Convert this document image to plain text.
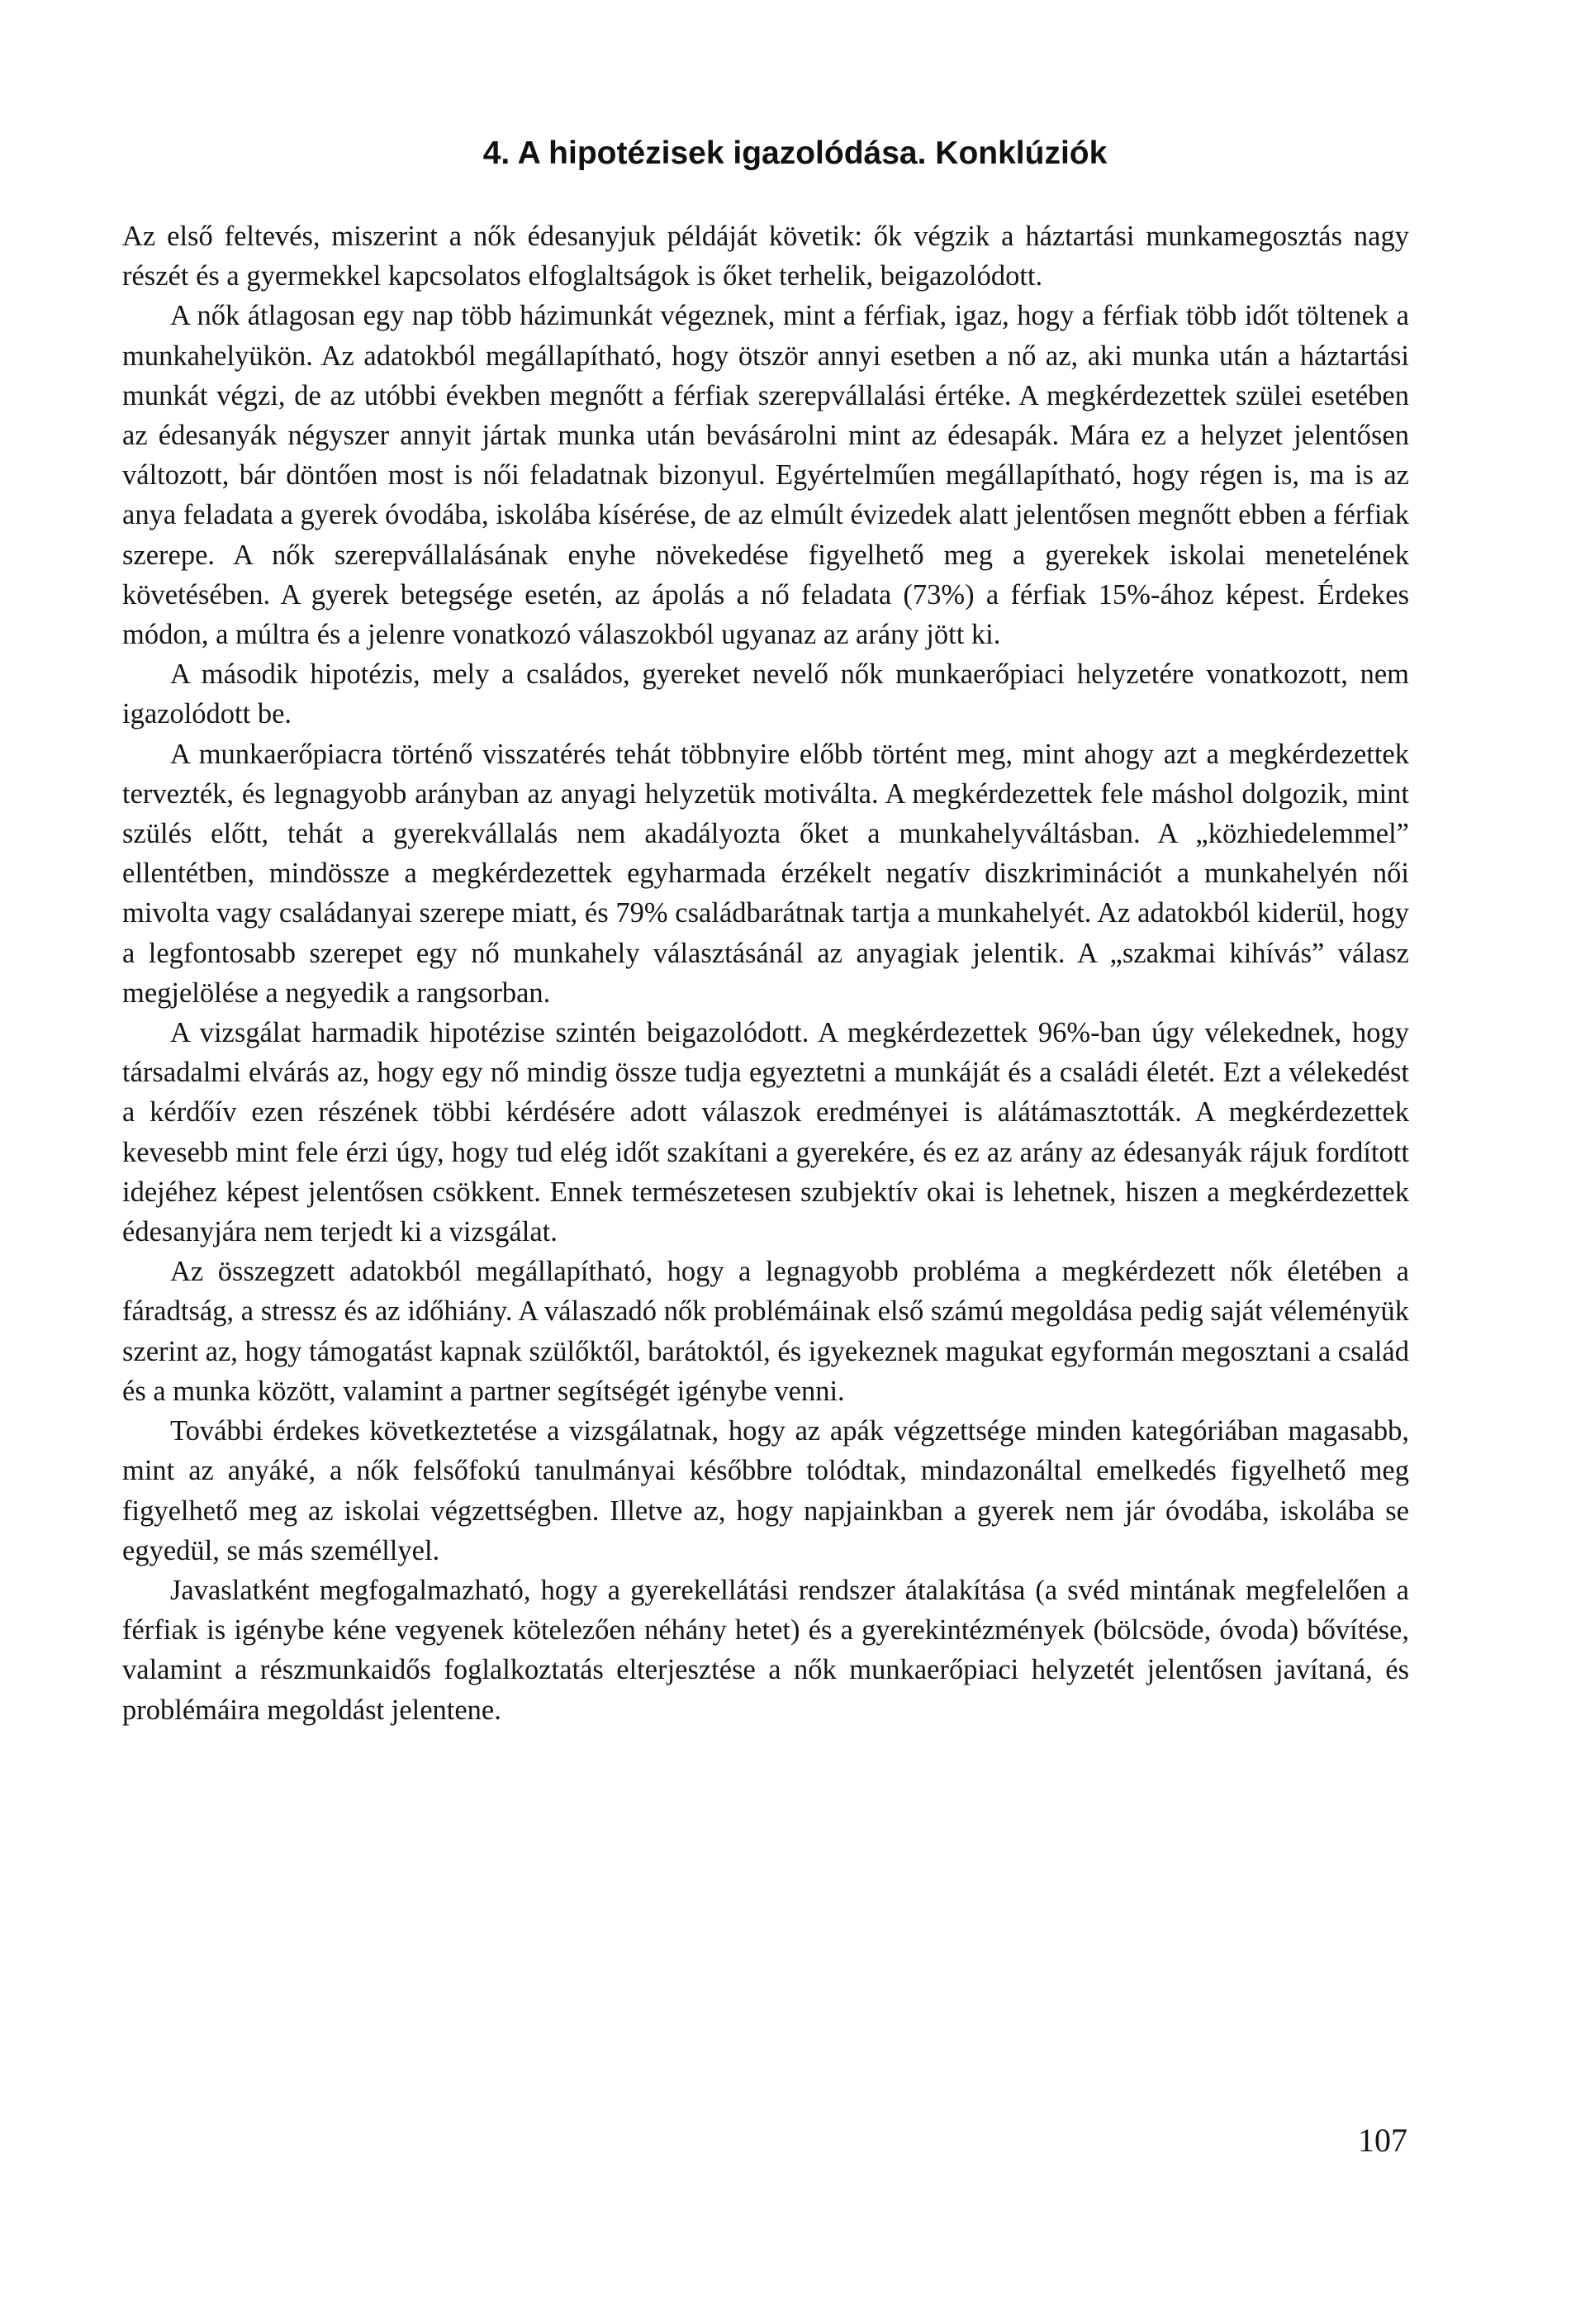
4. A hipotézisek igazolódása. Konklúziók

Az első feltevés, miszerint a nők édesanyjuk példáját követik: ők végzik a háztartási munkamegosztás nagy részét és a gyermekkel kapcsolatos elfoglaltságok is őket terhelik, beigazolódott.

A nők átlagosan egy nap több házimunkát végeznek, mint a férfiak, igaz, hogy a férfiak több időt töltenek a munkahelyükön. Az adatokból megállapítható, hogy ötször annyi esetben a nő az, aki munka után a háztartási munkát végzi, de az utóbbi években megnőtt a férfiak szerepvállalási értéke. A megkérdezettek szülei esetében az édesanyák négyszer annyit jártak munka után bevásárolni mint az édesapák. Mára ez a helyzet jelentősen változott, bár döntően most is női feladatnak bizonyul. Egyértelműen megállapítható, hogy régen is, ma is az anya feladata a gyerek óvodába, iskolába kísérése, de az elmúlt évizedek alatt jelentősen megnőtt ebben a férfiak szerepe. A nők szerepvállalásának enyhe növekedése figyelhető meg a gyerekek iskolai menetelének követésében. A gyerek betegsége esetén, az ápolás a nő feladata (73%) a férfiak 15%-ához képest. Érdekes módon, a múltra és a jelenre vonatkozó válaszokból ugyanaz az arány jött ki.

A második hipotézis, mely a családos, gyereket nevelő nők munkaerőpiaci helyzetére vonatkozott, nem igazolódott be.

A munkaerőpiacra történő visszatérés tehát többnyire előbb történt meg, mint ahogy azt a megkérdezettek tervezték, és legnagyobb arányban az anyagi helyzetük motiválta. A megkérdezettek fele máshol dolgozik, mint szülés előtt, tehát a gyerekvállalás nem akadályozta őket a munkahelyváltásban. A „közhiedelemmel” ellentétben, mindössze a megkérdezettek egyharmada érzékelt negatív diszkriminációt a munkahelyén női mivolta vagy családanyai szerepe miatt, és 79% családbarátnak tartja a munkahelyét. Az adatokból kiderül, hogy a legfontosabb szerepet egy nő munkahely választásánál az anyagiak jelentik. A „szakmai kihívás” válasz megjelölése a negyedik a rangsorban.

A vizsgálat harmadik hipotézise szintén beigazolódott. A megkérdezettek 96%-ban úgy vélekednek, hogy társadalmi elvárás az, hogy egy nő mindig össze tudja egyeztetni a munkáját és a családi életét. Ezt a vélekedést a kérdőív ezen részének többi kérdésére adott válaszok eredményei is alátámasztották. A megkérdezettek kevesebb mint fele érzi úgy, hogy tud elég időt szakítani a gyerekére, és ez az arány az édesanyák rájuk fordított idejéhez képest jelentősen csökkent. Ennek természetesen szubjektív okai is lehetnek, hiszen a megkérdezettek édesanyjára nem terjedt ki a vizsgálat.

Az összegzett adatokból megállapítható, hogy a legnagyobb probléma a megkérdezett nők életében a fáradtság, a stressz és az időhiány. A válaszadó nők problémáinak első számú megoldása pedig saját véleményük szerint az, hogy támogatást kapnak szülőktől, barátoktól, és igyekeznek magukat egyformán megosztani a család és a munka között, valamint a partner segítségét igénybe venni.

További érdekes következtetése a vizsgálatnak, hogy az apák végzettsége minden kategóriában magasabb, mint az anyáké, a nők felsőfokú tanulmányai későbbre tolódtak, mindazonáltal emelkedés figyelhető meg figyelhető meg az iskolai végzettségben. Illetve az, hogy napjainkban a gyerek nem jár óvodába, iskolába se egyedül, se más személlyel.

Javaslatként megfogalmazható, hogy a gyerekellátási rendszer átalakítása (a svéd mintának megfelelően a férfiak is igénybe kéne vegyenek kötelezően néhány hetet) és a gyerekintézmények (bölcsöde, óvoda) bővítése, valamint a részmunkaidős foglalkoztatás elterjesztése a nők munkaerőpiaci helyzetét jelentősen javítaná, és problémáira megoldást jelentene.

107
